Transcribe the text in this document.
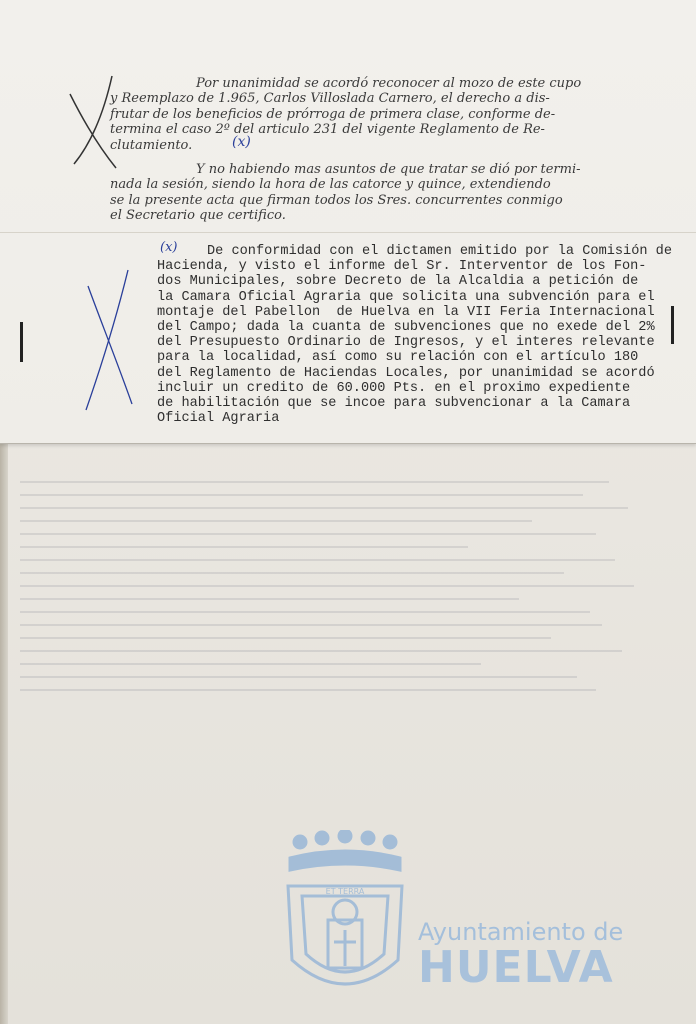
Por unanimidad se acordó reconocer al mozo de este cupo
y Reemplazo de 1.965, Carlos Villoslada Carnero, el derecho a dis-
frutar de los beneficios de prórroga de primera clase, conforme de-
termina el caso 2º del articulo 231 del vigente Reglamento de Re-
clutamiento.	(x)
Y no habiendo mas asuntos de que tratar se dió por termi-
nada la sesión, siendo la hora de las catorce y quince, extendiendo
se la presente acta que firman todos los Sres. concurrentes conmigo
el Secretario que certifico.
(x)	De conformidad con el dictamen emitido por la Comisión de
Hacienda, y visto el informe del Sr. Interventor de los Fon-
dos Municipales, sobre Decreto de la Alcaldia a petición de
la Camara Oficial Agraria que solicita una subvención para el
montaje del Pabellon  de Huelva en la VII Feria Internacional
del Campo; dada la cuanta de subvenciones que no exede del 2%
del Presupuesto Ordinario de Ingresos, y el interes relevante
para la localidad, así como su relación con el artículo 180
del Reglamento de Haciendas Locales, por unanimidad se acordó
incluir un credito de 60.000 Pts. en el proximo expediente
de habilitación que se incoe para subvencionar a la Camara
Oficial Agraria
ET TERRA
Ayuntamiento de
HUELVA
